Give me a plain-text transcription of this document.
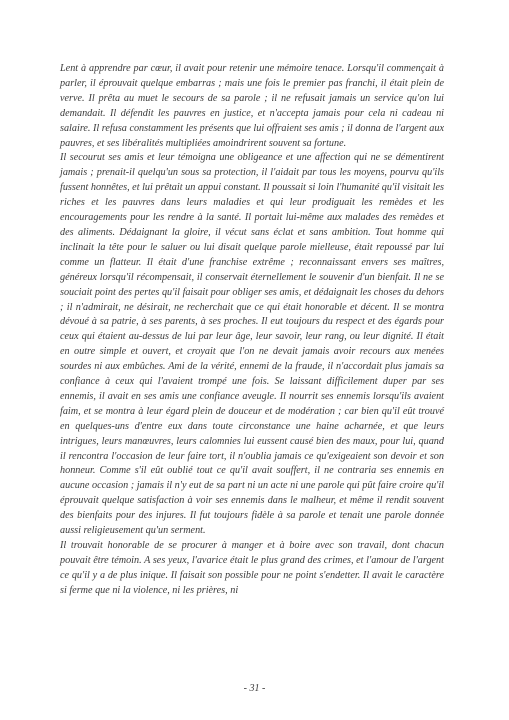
Lent à apprendre par cœur, il avait pour retenir une mémoire tenace. Lorsqu'il commençait à parler, il éprouvait quelque embarras ; mais une fois le premier pas franchi, il était plein de verve. Il prêta au muet le secours de sa parole ; il ne refusait jamais un service qu'on lui demandait. Il défendit les pauvres en justice, et n'accepta jamais pour cela ni cadeau ni salaire. Il refusa constamment les présents que lui offraient ses amis ; il donna de l'argent aux pauvres, et ses libéralités multipliées amoindrirent souvent sa fortune.

Il secourut ses amis et leur témoigna une obligeance et une affection qui ne se démentirent jamais ; prenait-il quelqu'un sous sa protection, il l'aidait par tous les moyens, pourvu qu'ils fussent honnêtes, et lui prêtait un appui constant. Il poussait si loin l'humanité qu'il visitait les riches et les pauvres dans leurs maladies et qui leur prodiguait les remèdes et les encouragements pour les rendre à la santé. Il portait lui-même aux malades des remèdes et des aliments. Dédaignant la gloire, il vécut sans éclat et sans ambition. Tout homme qui inclinait la tête pour le saluer ou lui disait quelque parole mielleuse, était repoussé par lui comme un flatteur. Il était d'une franchise extrême ; reconnaissant envers ses maîtres, généreux lorsqu'il récompensait, il conservait éternellement le souvenir d'un bienfait. Il ne se souciait point des pertes qu'il faisait pour obliger ses amis, et dédaignait les choses du dehors ; il n'admirait, ne désirait, ne recherchait que ce qui était honorable et décent. Il se montra dévoué à sa patrie, à ses parents, à ses proches. Il eut toujours du respect et des égards pour ceux qui étaient au-dessus de lui par leur âge, leur savoir, leur rang, ou leur dignité. Il était en outre simple et ouvert, et croyait que l'on ne devait jamais avoir recours aux menées sourdes ni aux embûches. Ami de la vérité, ennemi de la fraude, il n'accordait plus jamais sa confiance à ceux qui l'avaient trompé une fois. Se laissant difficilement duper par ses ennemis, il avait en ses amis une confiance aveugle. Il nourrit ses ennemis lorsqu'ils avaient faim, et se montra à leur égard plein de douceur et de modération ; car bien qu'il eût trouvé en quelques-uns d'entre eux dans toute circonstance une haine acharnée, et que leurs intrigues, leurs manœuvres, leurs calomnies lui eussent causé bien des maux, pour lui, quand il rencontra l'occasion de leur faire tort, il n'oublia jamais ce qu'exigeaient son devoir et son honneur. Comme s'il eût oublié tout ce qu'il avait souffert, il ne contraria ses ennemis en aucune occasion ; jamais il n'y eut de sa part ni un acte ni une parole qui pût faire croire qu'il éprouvait quelque satisfaction à voir ses ennemis dans le malheur, et même il rendit souvent des bienfaits pour des injures. Il fut toujours fidèle à sa parole et tenait une parole donnée aussi religieusement qu'un serment.

Il trouvait honorable de se procurer à manger et à boire avec son travail, dont chacun pouvait être témoin. A ses yeux, l'avarice était le plus grand des crimes, et l'amour de l'argent ce qu'il y a de plus inique. Il faisait son possible pour ne point s'endetter. Il avait le caractère si ferme que ni la violence, ni les prières, ni

- 31 -
